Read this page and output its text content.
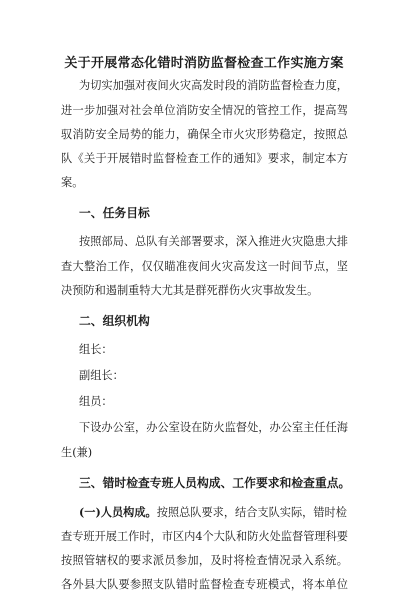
关于开展常态化错时消防监督检查工作实施方案
为切实加强对夜间火灾高发时段的消防监督检查力度，
进一步加强对社会单位消防安全情况的管控工作，提高驾
驭消防安全局势的能力，确保全市火灾形势稳定，按照总
队《关于开展错时监督检查工作的通知》要求，制定本方
案。
一、任务目标
按照部局、总队有关部署要求，深入推进火灾隐患大排
查大整治工作，仅仅瞄准夜间火灾高发这一时间节点，坚
决预防和遏制重特大尤其是群死群伤火灾事故发生。
二、组织机构
组长：
副组长：
组员：
下设办公室，办公室设在防火监督处，办公室主任任海
生(兼)
三、错时检查专班人员构成、工作要求和检查重点。
(一)人员构成。按照总队要求，结合支队实际，错时检
查专班开展工作时，市区内4个大队和防火处监督管理科要
按照管辖权的要求派员参加，及时将检查情况录入系统。
各外县大队要参照支队错时监督检查专班模式，将本单位
